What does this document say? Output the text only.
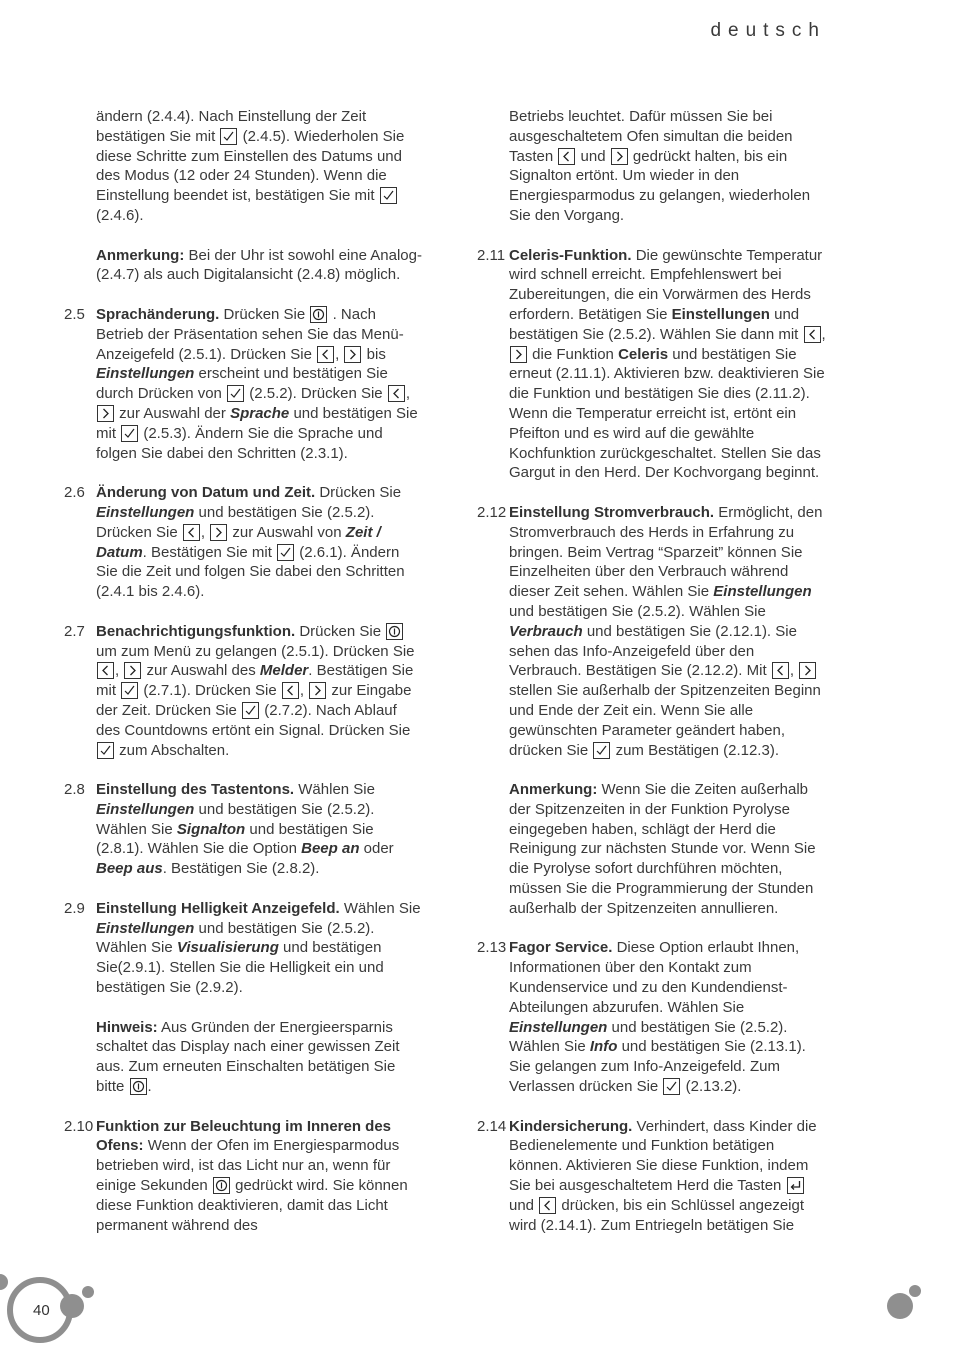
deutsch
ändern (2.4.4). Nach Einstellung der Zeit bestätigen Sie mit (2.4.5). Wiederholen Sie diese Schritte zum Einstellen des Datums und des Modus (12 oder 24 Stunden). Wenn die Einstellung beendet ist, bestätigen Sie mit
(2.4.6).
Anmerkung: Bei der Uhr ist sowohl eine Analog- (2.4.7) als auch Digitalansicht (2.4.8) möglich.
2.5 Sprachänderung. Drücken Sie . Nach Betrieb der Präsentation sehen Sie das Menü-Anzeigefeld (2.5.1). Drücken Sie , bis Einstellungen erscheint und bestätigen Sie durch Drücken von (2.5.2). Drücken Sie ,
zur Auswahl der Sprache und bestätigen Sie mit (2.5.3). Ändern Sie die Sprache und folgen Sie dabei den Schritten (2.3.1).
2.6 Änderung von Datum und Zeit. Drücken Sie Einstellungen und bestätigen Sie (2.5.2). Drücken Sie , zur Auswahl von Zeit / Datum. Bestätigen Sie mit (2.6.1). Ändern Sie die Zeit und folgen Sie dabei den Schritten (2.4.1 bis 2.4.6).
2.7 Benachrichtigungsfunktion. Drücken Sie
um zum Menü zu gelangen (2.5.1). Drücken Sie
, zur Auswahl des Melder. Bestätigen Sie mit (2.7.1). Drücken Sie , zur Eingabe der Zeit. Drücken Sie (2.7.2). Nach Ablauf des Countdowns ertönt ein Signal. Drücken Sie
zum Abschalten.
2.8 Einstellung des Tastentons. Wählen Sie Einstellungen und bestätigen Sie (2.5.2). Wählen Sie Signalton und bestätigen Sie (2.8.1). Wählen Sie die Option Beep an oder Beep aus. Bestätigen Sie (2.8.2).
2.9 Einstellung Helligkeit Anzeigefeld. Wählen Sie Einstellungen und bestätigen Sie (2.5.2). Wählen Sie Visualisierung und bestätigen Sie(2.9.1). Stellen Sie die Helligkeit ein und bestätigen Sie (2.9.2).
Hinweis: Aus Gründen der Energieersparnis schaltet das Display nach einer gewissen Zeit aus. Zum erneuten Einschalten betätigen Sie bitte .
2.10 Funktion zur Beleuchtung im Inneren des Ofens: Wenn der Ofen im Energiesparmodus betrieben wird, ist das Licht nur an, wenn für einige Sekunden gedrückt wird. Sie können diese Funktion deaktivieren, damit das Licht permanent während des
Betriebs leuchtet. Dafür müssen Sie bei ausgeschaltetem Ofen simultan die beiden Tasten und gedrückt halten, bis ein Signalton ertönt. Um wieder in den Energiesparmodus zu gelangen, wiederholen Sie den Vorgang.
2.11 Celeris-Funktion. Die gewünschte Temperatur wird schnell erreicht. Empfehlenswert bei Zubereitungen, die ein Vorwärmen des Herds erfordern. Betätigen Sie Einstellungen und bestätigen Sie (2.5.2). Wählen Sie dann mit ,
die Funktion Celeris und bestätigen Sie erneut (2.11.1). Aktivieren bzw. deaktivieren Sie die Funktion und bestätigen Sie dies (2.11.2). Wenn die Temperatur erreicht ist, ertönt ein Pfeifton und es wird auf die gewählte Kochfunktion zurückgeschaltet. Stellen Sie das Gargut in den Herd. Der Kochvorgang beginnt.
2.12 Einstellung Stromverbrauch. Ermöglicht, den Stromverbrauch des Herds in Erfahrung zu bringen. Beim Vertrag “Sparzeit” können Sie Einzelheiten über den Verbrauch während dieser Zeit sehen. Wählen Sie Einstellungen und bestätigen Sie (2.5.2). Wählen Sie Verbrauch und bestätigen Sie (2.12.1). Sie sehen das Info-Anzeigefeld über den Verbrauch. Bestätigen Sie (2.12.2). Mit ,
stellen Sie außerhalb der Spitzenzeiten Beginn und Ende der Zeit ein. Wenn Sie alle gewünschten Parameter geändert haben, drücken Sie zum Bestätigen (2.12.3).
Anmerkung: Wenn Sie die Zeiten außerhalb der Spitzenzeiten in der Funktion Pyrolyse eingegeben haben, schlägt der Herd die Reinigung zur nächsten Stunde vor. Wenn Sie die Pyrolyse sofort durchführen möchten, müssen Sie die Programmierung der Stunden außerhalb der Spitzenzeiten annullieren.
2.13 Fagor Service. Diese Option erlaubt Ihnen, Informationen über den Kontakt zum Kundenservice und zu den Kundendienst-Abteilungen abzurufen. Wählen Sie Einstellungen und bestätigen Sie (2.5.2). Wählen Sie Info und bestätigen Sie (2.13.1). Sie gelangen zum Info-Anzeigefeld. Zum Verlassen drücken Sie (2.13.2).
2.14 Kindersicherung. Verhindert, dass Kinder die Bedienelemente und Funktion betätigen können. Aktivieren Sie diese Funktion, indem Sie bei ausgeschaltetem Herd die Tasten
und drücken, bis ein Schlüssel angezeigt wird (2.14.1). Zum Entriegeln betätigen Sie
40
